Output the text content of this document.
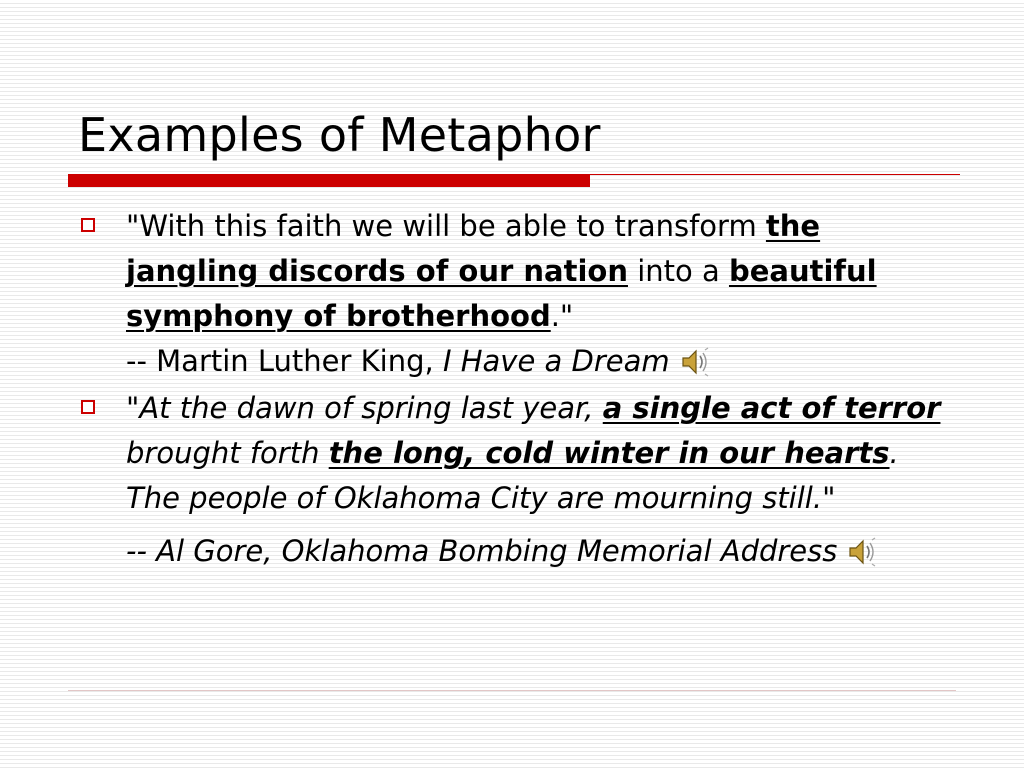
Examples of Metaphor

"With this faith we will be able to transform the jangling discords of our nation into a beautiful symphony of brotherhood."
-- Martin Luther King, I Have a Dream

"At the dawn of spring last year, a single act of terror brought forth the long, cold winter in our hearts. The people of Oklahoma City are mourning still."

-- Al Gore, Oklahoma Bombing Memorial Address
